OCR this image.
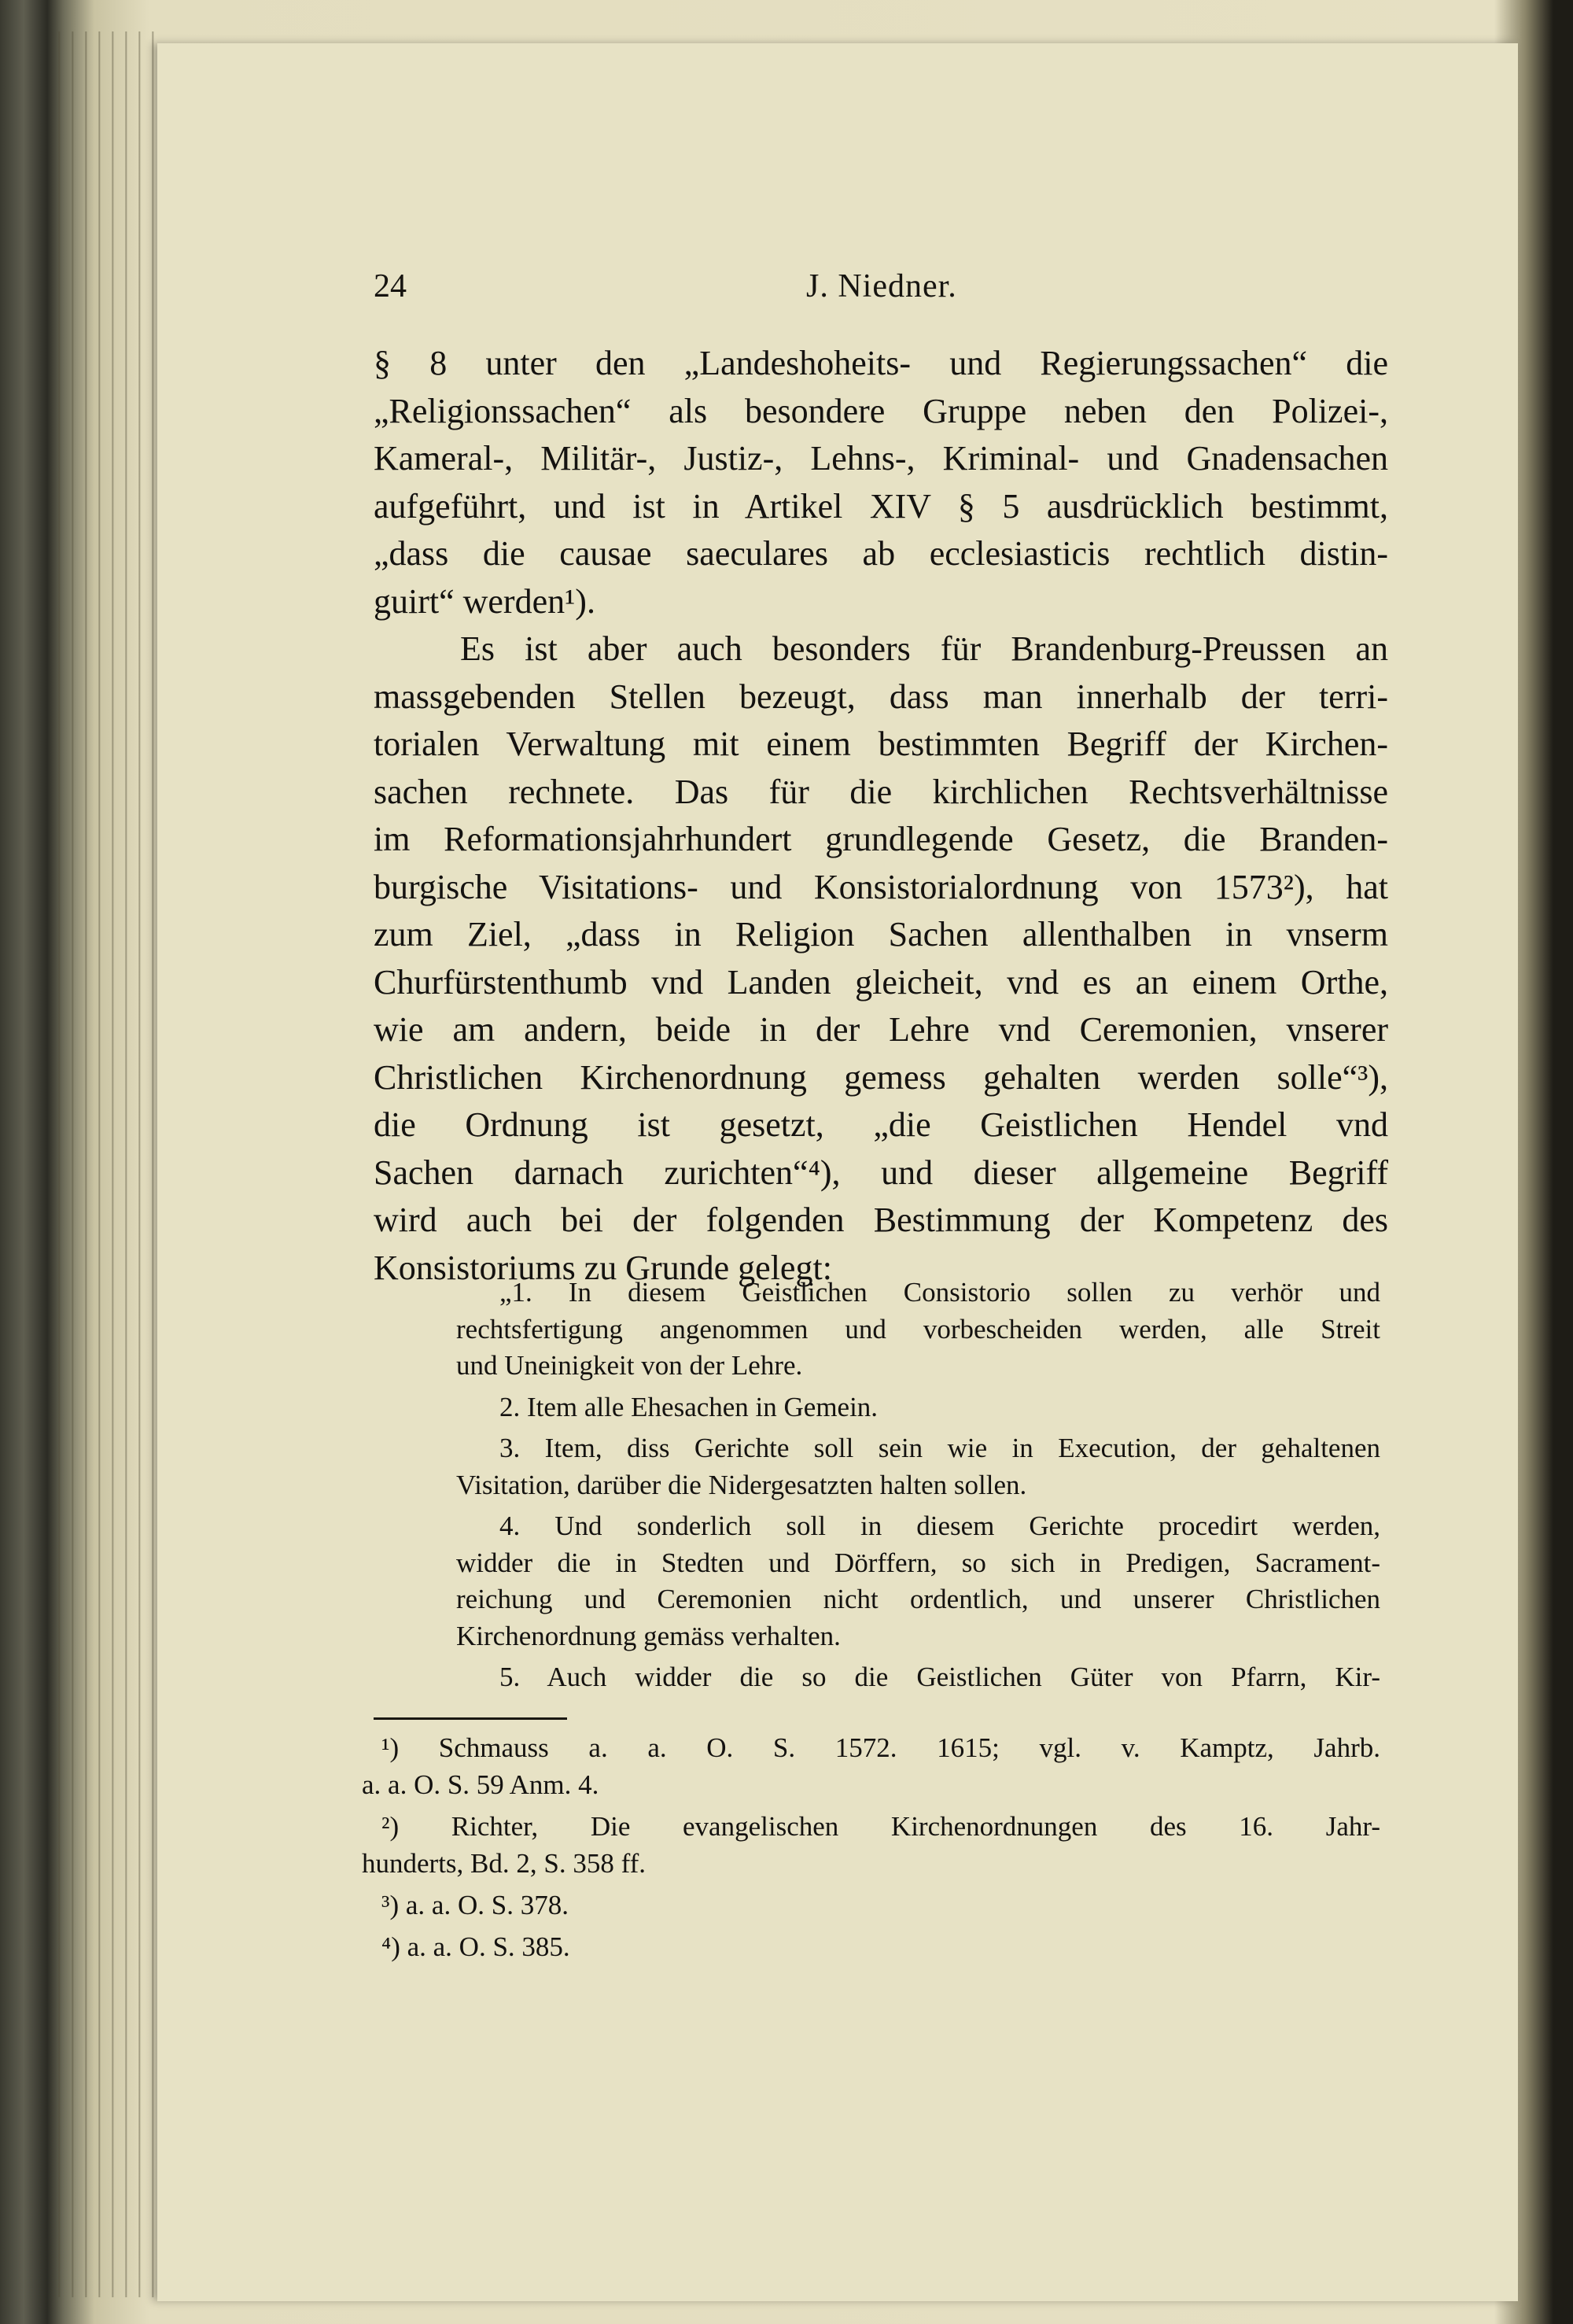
24	J. Niedner.
§ 8 unter den „Landeshoheits- und Regierungssachen“ die
„Religionssachen“ als besondere Gruppe neben den Polizei-,
Kameral-, Militär-, Justiz-, Lehns-, Kriminal- und Gnadensachen
aufgeführt, und ist in Artikel XIV § 5 ausdrücklich bestimmt,
„dass die causae saeculares ab ecclesiasticis rechtlich distin-
guirt“ werden¹).
Es ist aber auch besonders für Brandenburg-Preussen an
massgebenden Stellen bezeugt, dass man innerhalb der terri-
torialen Verwaltung mit einem bestimmten Begriff der Kirchen-
sachen rechnete. Das für die kirchlichen Rechtsverhältnisse
im Reformationsjahrhundert grundlegende Gesetz, die Branden-
burgische Visitations- und Konsistorialordnung von 1573²), hat
zum Ziel, „dass in Religion Sachen allenthalben in vnserm
Churfürstenthumb vnd Landen gleicheit, vnd es an einem Orthe,
wie am andern, beide in der Lehre vnd Ceremonien, vnserer
Christlichen Kirchenordnung gemess gehalten werden solle“³),
die Ordnung ist gesetzt, „die Geistlichen Hendel vnd
Sachen darnach zurichten“⁴), und dieser allgemeine Begriff
wird auch bei der folgenden Bestimmung der Kompetenz des
Konsistoriums zu Grunde gelegt:
„1. In diesem Geistlichen Consistorio sollen zu verhör und
rechtsfertigung angenommen und vorbescheiden werden, alle Streit
und Uneinigkeit von der Lehre.
2. Item alle Ehesachen in Gemein.
3. Item, diss Gerichte soll sein wie in Execution, der gehaltenen
Visitation, darüber die Nidergesatzten halten sollen.
4. Und sonderlich soll in diesem Gerichte procedirt werden,
widder die in Stedten und Dörffern, so sich in Predigen, Sacrament-
reichung und Ceremonien nicht ordentlich, und unserer Christlichen
Kirchenordnung gemäss verhalten.
5. Auch widder die so die Geistlichen Güter von Pfarrn, Kir-
¹) Schmauss a. a. O. S. 1572. 1615; vgl. v. Kamptz, Jahrb.
a. a. O. S. 59 Anm. 4.
²) Richter, Die evangelischen Kirchenordnungen des 16. Jahr-
hunderts, Bd. 2, S. 358 ff.
³) a. a. O. S. 378.
⁴) a. a. O. S. 385.
